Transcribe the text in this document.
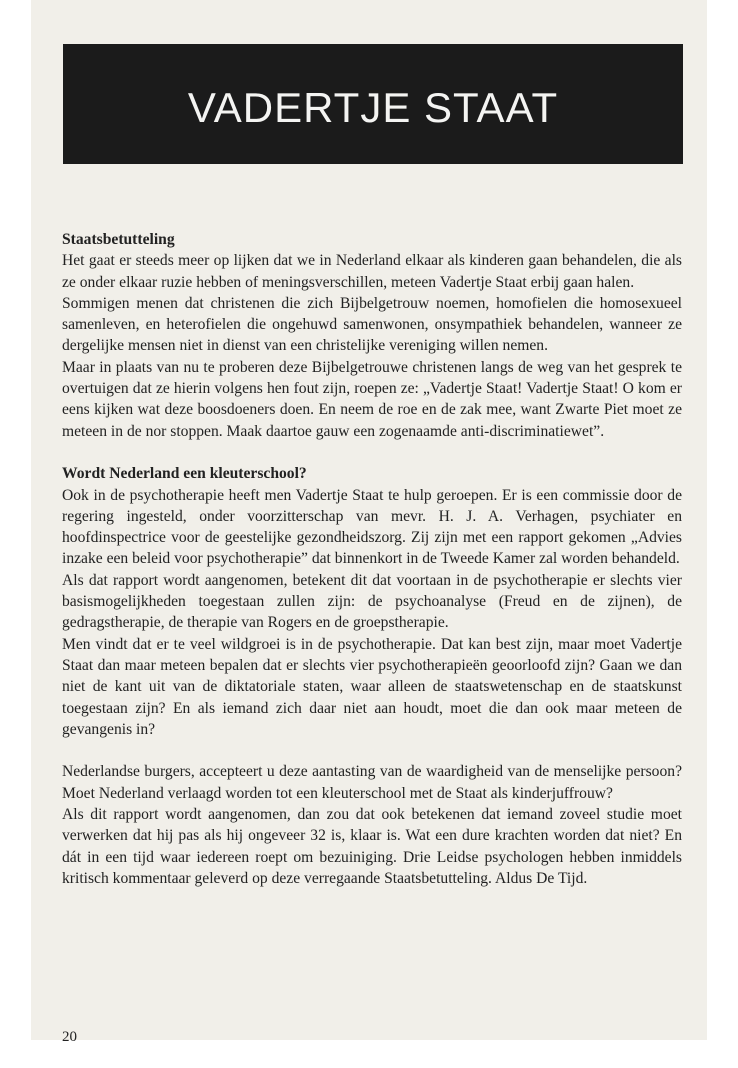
VADERTJE STAAT

Staatsbetutteling

Het gaat er steeds meer op lijken dat we in Nederland elkaar als kinderen gaan behandelen, die als ze onder elkaar ruzie hebben of meningsverschillen, meteen Vadertje Staat erbij gaan halen.

Sommigen menen dat christenen die zich Bijbelgetrouw noemen, homofielen die homosexueel samenleven, en heterofielen die ongehuwd samenwonen, onsympathiek behandelen, wanneer ze dergelijke mensen niet in dienst van een christelijke vereniging willen nemen.

Maar in plaats van nu te proberen deze Bijbelgetrouwe christenen langs de weg van het gesprek te overtuigen dat ze hierin volgens hen fout zijn, roepen ze: „Vadertje Staat! Vadertje Staat! O kom er eens kijken wat deze boosdoeners doen. En neem de roe en de zak mee, want Zwarte Piet moet ze meteen in de nor stoppen. Maak daartoe gauw een zogenaamde anti-discriminatiewet”.

Wordt Nederland een kleuterschool?

Ook in de psychotherapie heeft men Vadertje Staat te hulp geroepen. Er is een commissie door de regering ingesteld, onder voorzitterschap van mevr. H. J. A. Verhagen, psychiater en hoofdinspectrice voor de geestelijke gezondheidszorg. Zij zijn met een rapport gekomen „Advies inzake een beleid voor psychotherapie” dat binnenkort in de Tweede Kamer zal worden behandeld.

Als dat rapport wordt aangenomen, betekent dit dat voortaan in de psychotherapie er slechts vier basismogelijkheden toegestaan zullen zijn: de psychoanalyse (Freud en de zijnen), de gedragstherapie, de therapie van Rogers en de groepstherapie.

Men vindt dat er te veel wildgroei is in de psychotherapie. Dat kan best zijn, maar moet Vadertje Staat dan maar meteen bepalen dat er slechts vier psychotherapieën geoorloofd zijn? Gaan we dan niet de kant uit van de diktatoriale staten, waar alleen de staatswetenschap en de staatskunst toegestaan zijn? En als iemand zich daar niet aan houdt, moet die dan ook maar meteen de gevangenis in?

Nederlandse burgers, accepteert u deze aantasting van de waardigheid van de menselijke persoon? Moet Nederland verlaagd worden tot een kleuterschool met de Staat als kinderjuffrouw?

Als dit rapport wordt aangenomen, dan zou dat ook betekenen dat iemand zoveel studie moet verwerken dat hij pas als hij ongeveer 32 is, klaar is. Wat een dure krachten worden dat niet? En dát in een tijd waar iedereen roept om bezuiniging. Drie Leidse psychologen hebben inmiddels kritisch kommentaar geleverd op deze verregaande Staatsbetutteling. Aldus De Tijd.

20
